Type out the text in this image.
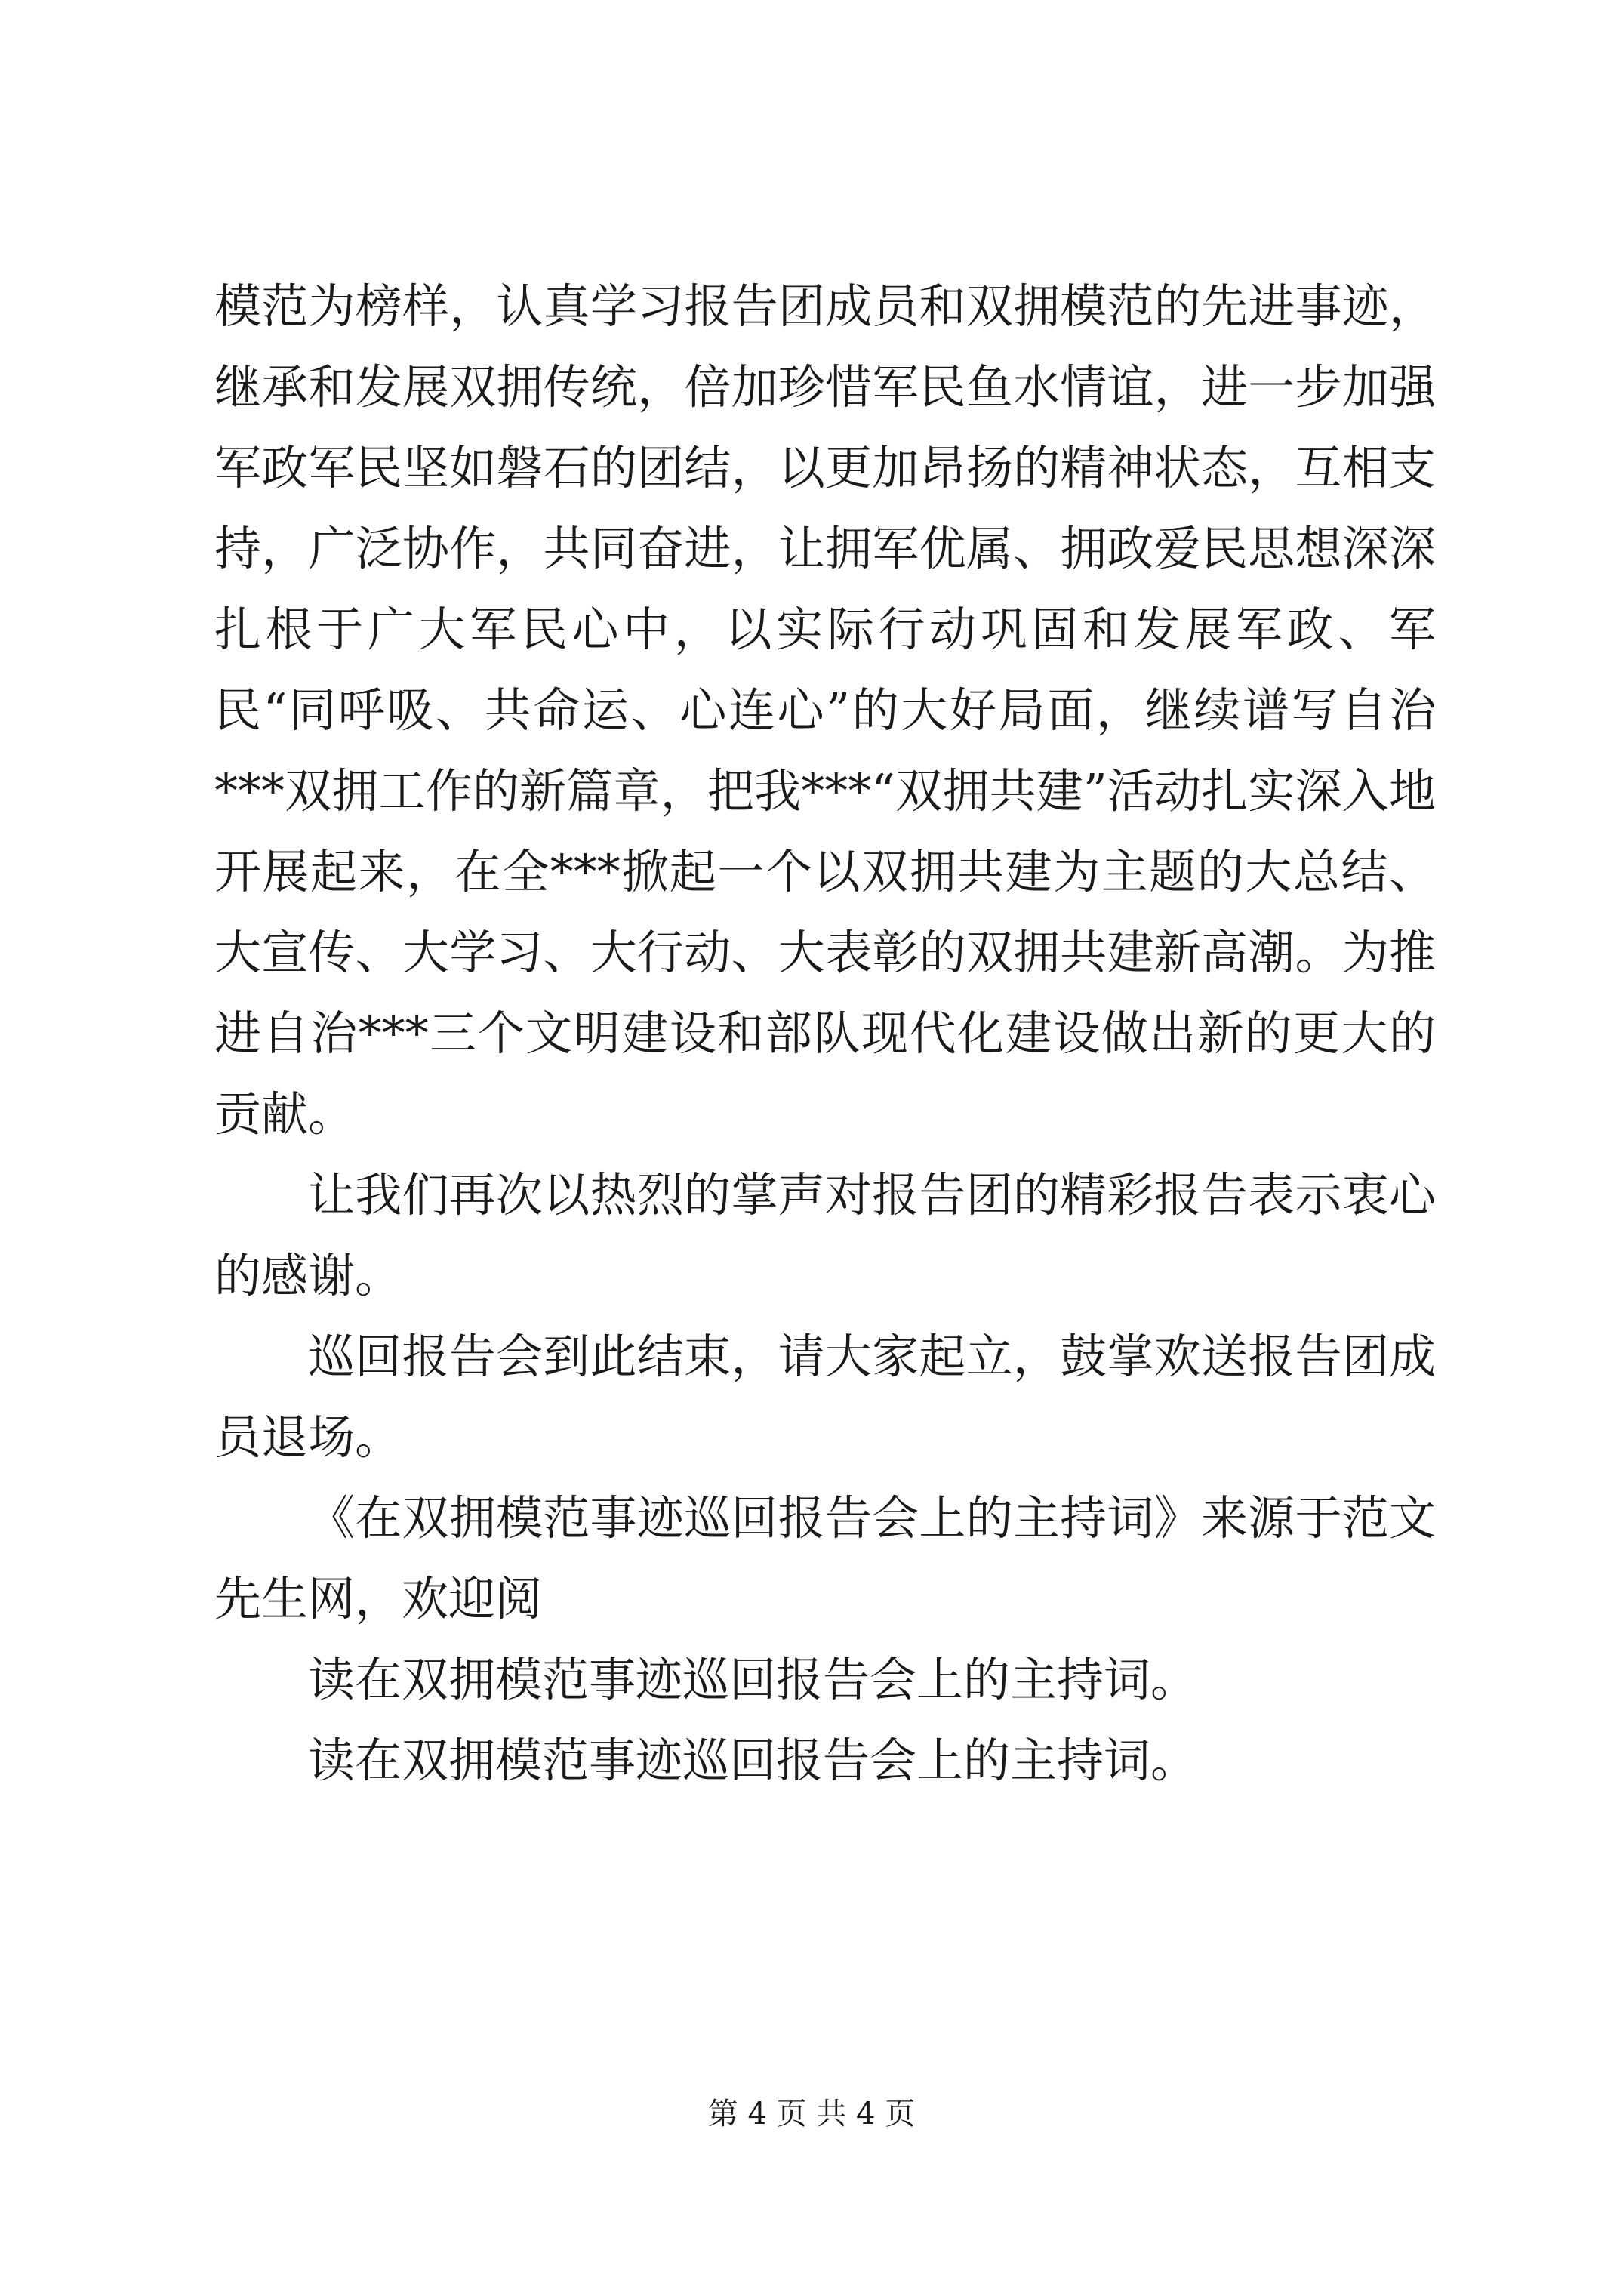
模范为榜样，认真学习报告团成员和双拥模范的先进事迹，继承和发展双拥传统，倍加珍惜军民鱼水情谊，进一步加强军政军民坚如磐石的团结，以更加昂扬的精神状态，互相支持，广泛协作，共同奋进，让拥军优属、拥政爱民思想深深扎根于广大军民心中，以实际行动巩固和发展军政、军民“同呼吸、共命运、心连心”的大好局面，继续谱写自治***双拥工作的新篇章，把我***“双拥共建”活动扎实深入地开展起来，在全***掀起一个以双拥共建为主题的大总结、大宣传、大学习、大行动、大表彰的双拥共建新高潮。为推进自治***三个文明建设和部队现代化建设做出新的更大的贡献。

让我们再次以热烈的掌声对报告团的精彩报告表示衷心的感谢。

巡回报告会到此结束，请大家起立，鼓掌欢送报告团成员退场。

《在双拥模范事迹巡回报告会上的主持词》来源于范文先生网，欢迎阅

读在双拥模范事迹巡回报告会上的主持词。

读在双拥模范事迹巡回报告会上的主持词。

第 4 页 共 4 页
